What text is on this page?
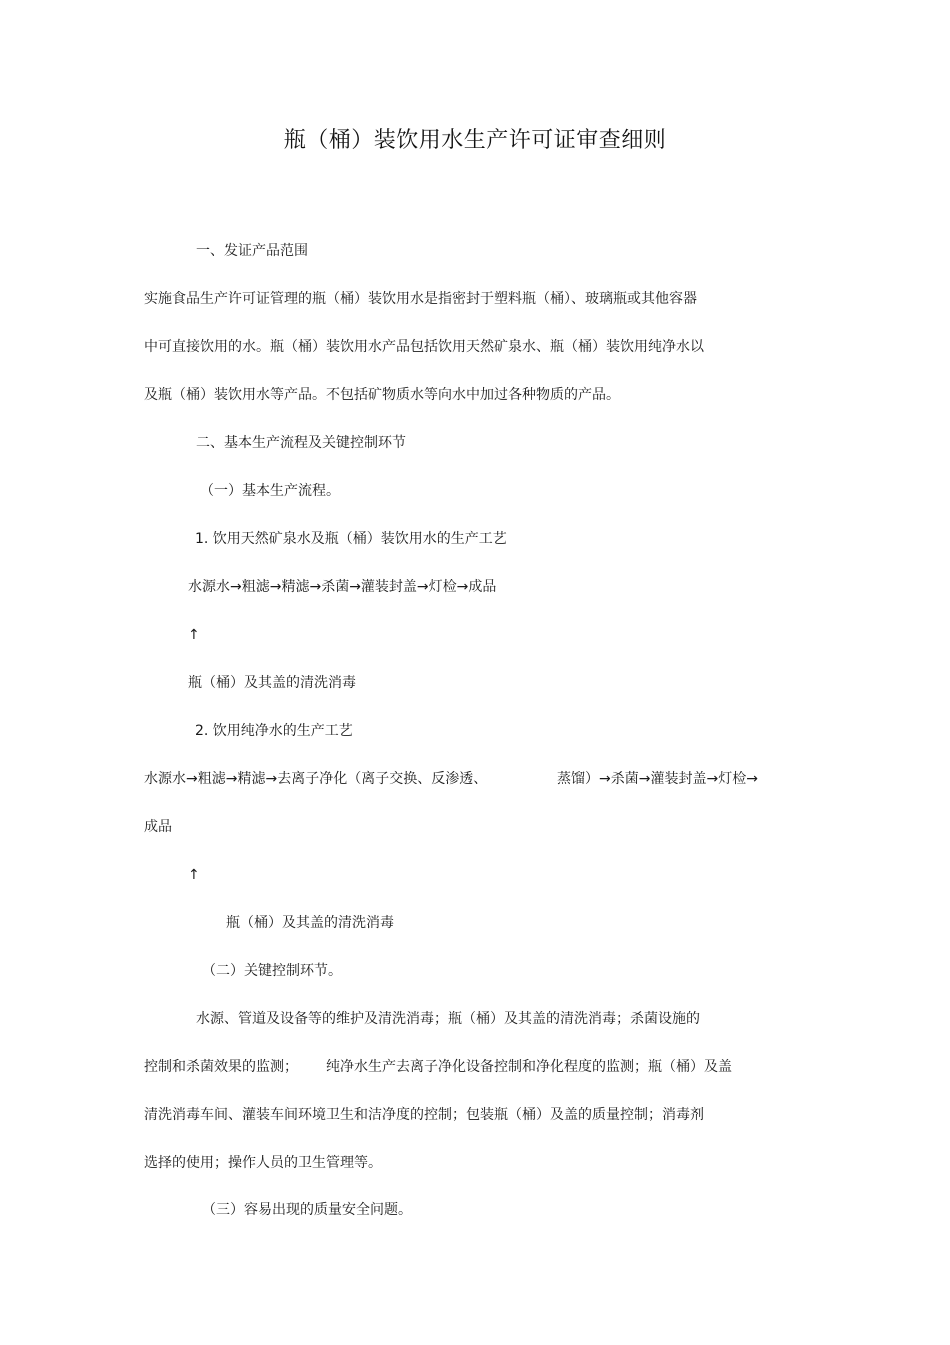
瓶（桶）装饮用水生产许可证审查细则
一、发证产品范围
实施食品生产许可证管理的瓶（桶）装饮用水是指密封于塑料瓶（桶）、玻璃瓶或其他容器
中可直接饮用的水。瓶（桶）装饮用水产品包括饮用天然矿泉水、瓶（桶）装饮用纯净水以
及瓶（桶）装饮用水等产品。不包括矿物质水等向水中加过各种物质的产品。
二、基本生产流程及关键控制环节
（一）基本生产流程。
1. 饮用天然矿泉水及瓶（桶）装饮用水的生产工艺
水源水→粗滤→精滤→杀菌→灌装封盖→灯检→成品
↑
瓶（桶）及其盖的清洗消毒
2. 饮用纯净水的生产工艺
水源水→粗滤→精滤→去离子净化（离子交换、反渗透、	蒸馏）→杀菌→灌装封盖→灯检→
成品
↑
瓶（桶）及其盖的清洗消毒
（二）关键控制环节。
水源、管道及设备等的维护及清洗消毒；瓶（桶）及其盖的清洗消毒；杀菌设施的
控制和杀菌效果的监测； 纯净水生产去离子净化设备控制和净化程度的监测；瓶（桶）及盖
清洗消毒车间、灌装车间环境卫生和洁净度的控制；包装瓶（桶）及盖的质量控制；消毒剂
选择的使用；操作人员的卫生管理等。
（三）容易出现的质量安全问题。
